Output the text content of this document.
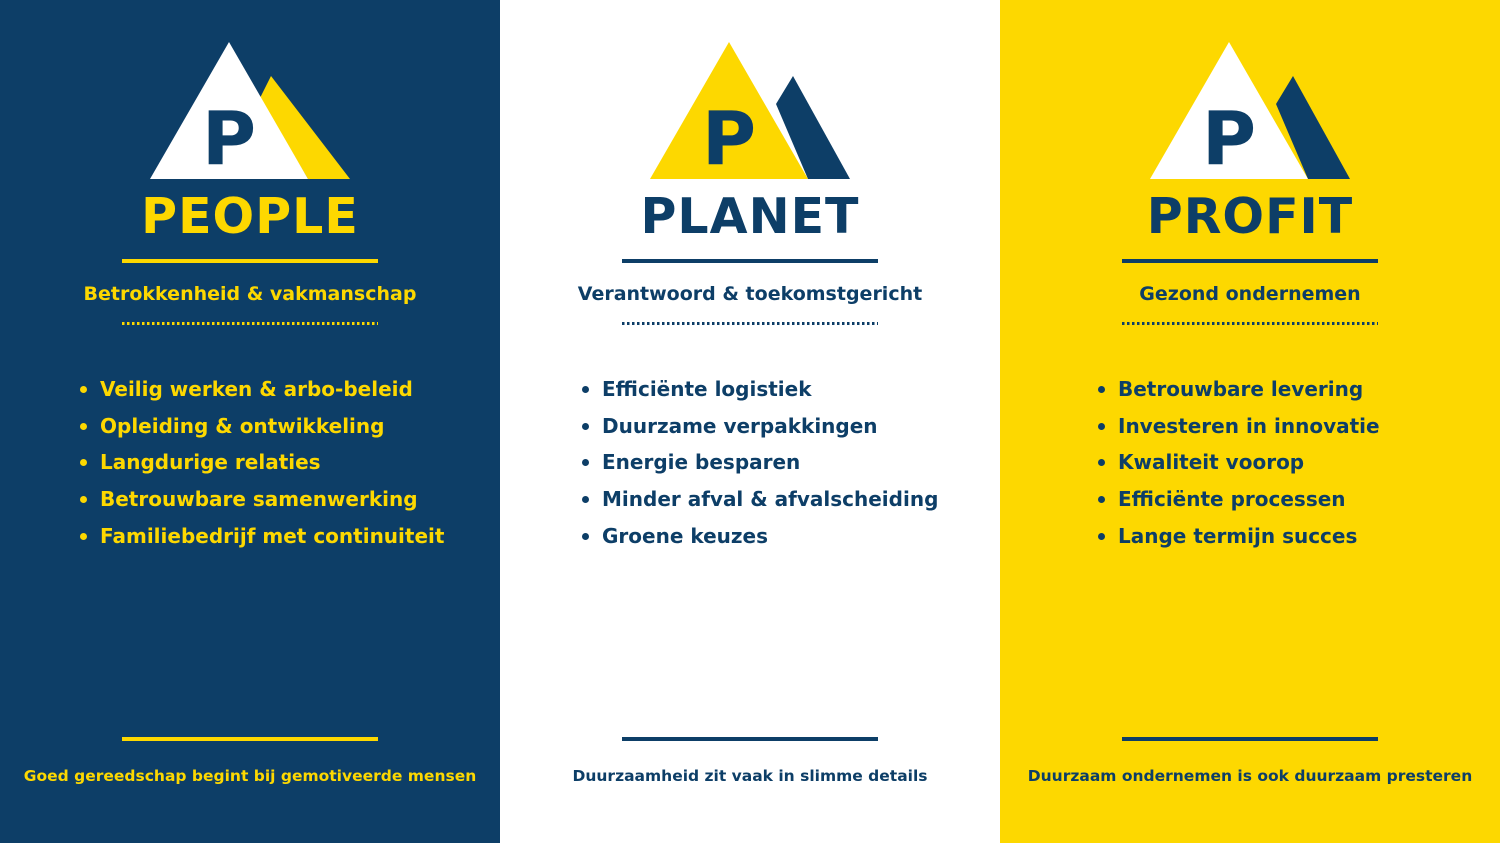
P
PEOPLE
Betrokkenheid & vakmanschap
Veilig werken & arbo-beleid
Opleiding & ontwikkeling
Langdurige relaties
Betrouwbare samenwerking
Familiebedrijf met continuiteit
Goed gereedschap begint bij gemotiveerde mensen
P
PLANET
Verantwoord & toekomstgericht
Efficiënte logistiek
Duurzame verpakkingen
Energie besparen
Minder afval & afvalscheiding
Groene keuzes
Duurzaamheid zit vaak in slimme details
P
PROFIT
Gezond ondernemen
Betrouwbare levering
Investeren in innovatie
Kwaliteit voorop
Efficiënte processen
Lange termijn succes
Duurzaam ondernemen is ook duurzaam presteren
